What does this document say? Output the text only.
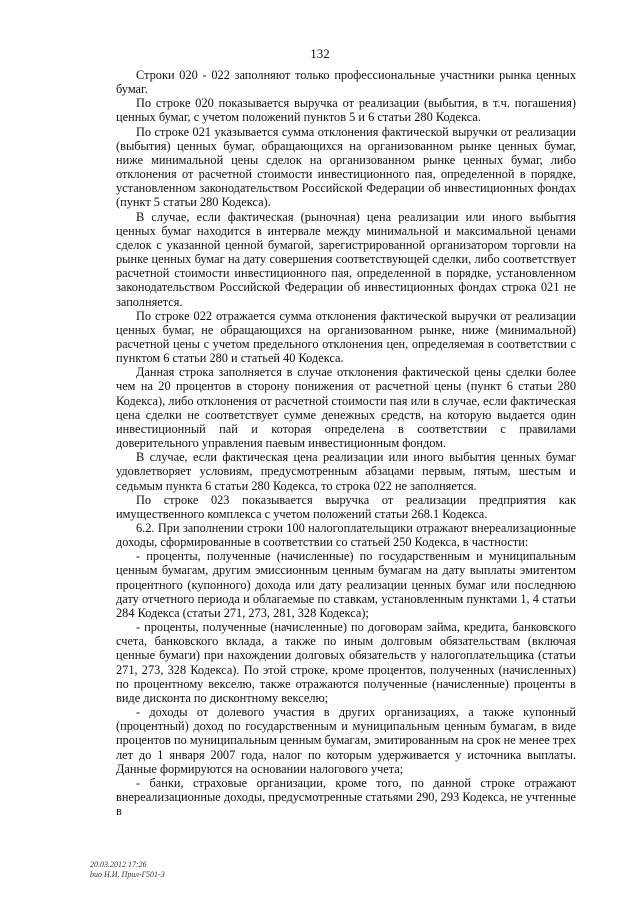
132

Строки 020 - 022 заполняют только профессиональные участники рынка ценных бумаг.

По строке 020 показывается выручка от реализации (выбытия, в т.ч. погашения) ценных бумаг, с учетом положений пунктов 5 и 6 статьи 280 Кодекса.

По строке 021 указывается сумма отклонения фактической выручки от реализации (выбытия) ценных бумаг, обращающихся на организованном рынке ценных бумаг, ниже минимальной цены сделок на организованном рынке ценных бумаг, либо отклонения от расчетной стоимости инвестиционного пая, определенной в порядке, установленном законодательством Российской Федерации об инвестиционных фондах (пункт 5 статьи 280 Кодекса).

В случае, если фактическая (рыночная) цена реализации или иного выбытия ценных бумаг находится в интервале между минимальной и максимальной ценами сделок с указанной ценной бумагой, зарегистрированной организатором торговли на рынке ценных бумаг на дату совершения соответствующей сделки, либо соответствует расчетной стоимости инвестиционного пая, определенной в порядке, установленном законодательством Российской Федерации об инвестиционных фондах строка 021 не заполняется.

По строке 022 отражается сумма отклонения фактической выручки от реализации ценных бумаг, не обращающихся на организованном рынке, ниже (минимальной) расчетной цены с учетом предельного отклонения цен, определяемая в соответствии с пунктом 6 статьи 280 и статьей 40 Кодекса.

Данная строка заполняется в случае отклонения фактической цены сделки более чем на 20 процентов в сторону понижения от расчетной цены (пункт 6 статьи 280 Кодекса), либо отклонения от расчетной стоимости пая или в случае, если фактическая цена сделки не соответствует сумме денежных средств, на которую выдается один инвестиционный пай и которая определена в соответствии с правилами доверительного управления паевым инвестиционным фондом.

В случае, если фактическая цена реализации или иного выбытия ценных бумаг удовлетворяет условиям, предусмотренным абзацами первым, пятым, шестым и седьмым пункта 6 статьи 280 Кодекса, то строка 022 не заполняется.

По строке 023 показывается выручка от реализации предприятия как имущественного комплекса с учетом положений статьи 268.1 Кодекса.

6.2. При заполнении строки 100 налогоплательщики отражают внереализационные доходы, сформированные в соответствии со статьей 250 Кодекса, в частности:

- проценты, полученные (начисленные) по государственным и муниципальным ценным бумагам, другим эмиссионным ценным бумагам на дату выплаты эмитентом процентного (купонного) дохода или дату реализации ценных бумаг или последнюю дату отчетного периода и облагаемые по ставкам, установленным пунктами 1, 4 статьи 284 Кодекса (статьи 271, 273, 281, 328 Кодекса);

- проценты, полученные (начисленные) по договорам займа, кредита, банковского счета, банковского вклада, а также по иным долговым обязательствам (включая ценные бумаги) при нахождении долговых обязательств у налогоплательщика (статьи 271, 273, 328 Кодекса). По этой строке, кроме процентов, полученных (начисленных) по процентному векселю, также отражаются полученные (начисленные) проценты в виде дисконта по дисконтному векселю;

- доходы от долевого участия в других организациях, а также купонный (процентный) доход по государственным и муниципальным ценным бумагам, в виде процентов по муниципальным ценным бумагам, эмитированным на срок не менее трех лет до 1 января 2007 года, налог по которым удерживается у источника выплаты. Данные формируются на основании налогового учета;

- банки, страховые организации, кроме того, по данной строке отражают внереализационные доходы, предусмотренные статьями 290, 293 Кодекса, не учтенные в

20.03.2012 17:26
buо Н.И. Прил-Г501-3
